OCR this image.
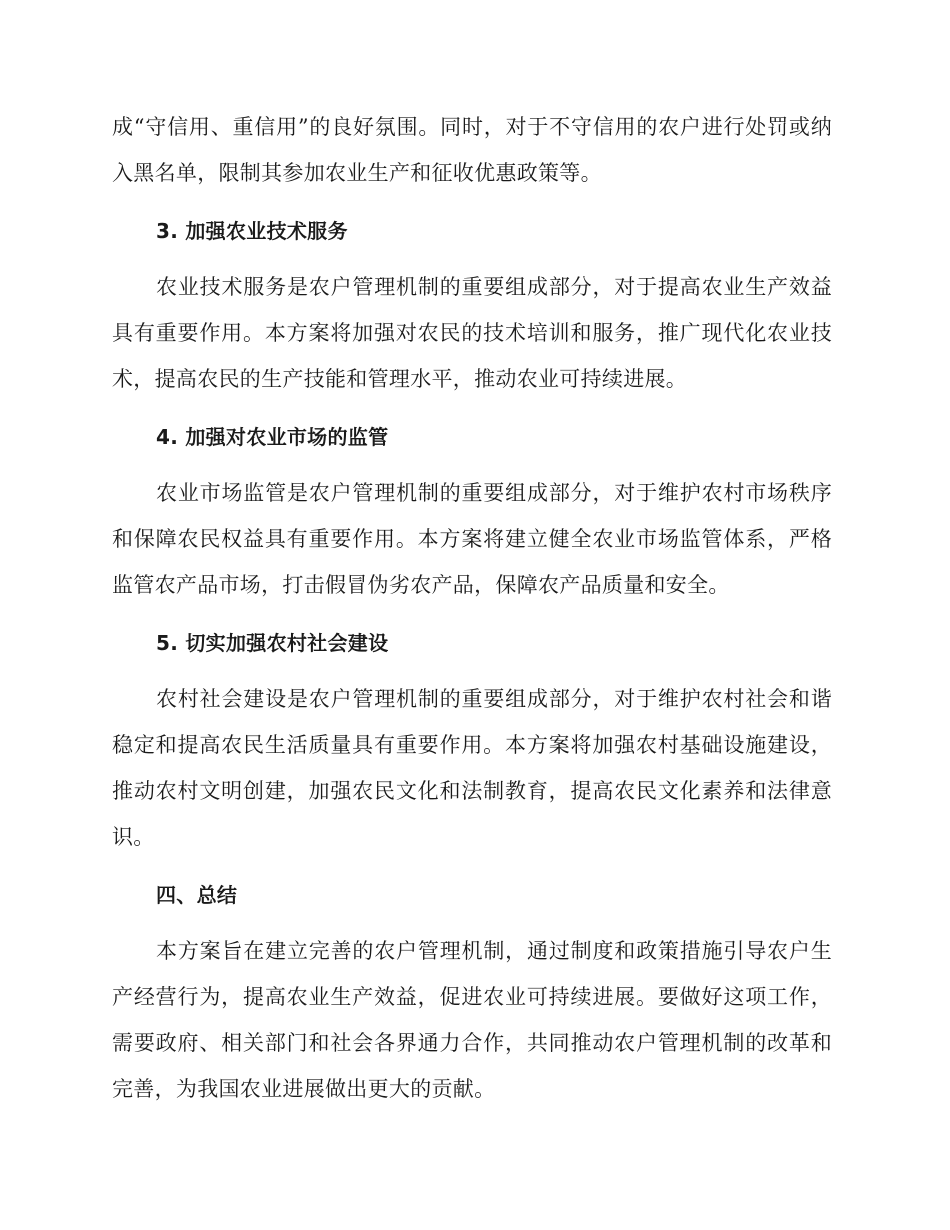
成“守信用、重信用”的良好氛围。同时，对于不守信用的农户进行处罚或纳入黑名单，限制其参加农业生产和征收优惠政策等。

3. 加强农业技术服务

农业技术服务是农户管理机制的重要组成部分，对于提高农业生产效益具有重要作用。本方案将加强对农民的技术培训和服务，推广现代化农业技术，提高农民的生产技能和管理水平，推动农业可持续进展。

4. 加强对农业市场的监管

农业市场监管是农户管理机制的重要组成部分，对于维护农村市场秩序和保障农民权益具有重要作用。本方案将建立健全农业市场监管体系，严格监管农产品市场，打击假冒伪劣农产品，保障农产品质量和安全。

5. 切实加强农村社会建设

农村社会建设是农户管理机制的重要组成部分，对于维护农村社会和谐稳定和提高农民生活质量具有重要作用。本方案将加强农村基础设施建设，推动农村文明创建，加强农民文化和法制教育，提高农民文化素养和法律意识。

四、总结

本方案旨在建立完善的农户管理机制，通过制度和政策措施引导农户生产经营行为，提高农业生产效益，促进农业可持续进展。要做好这项工作，需要政府、相关部门和社会各界通力合作，共同推动农户管理机制的改革和完善，为我国农业进展做出更大的贡献。
